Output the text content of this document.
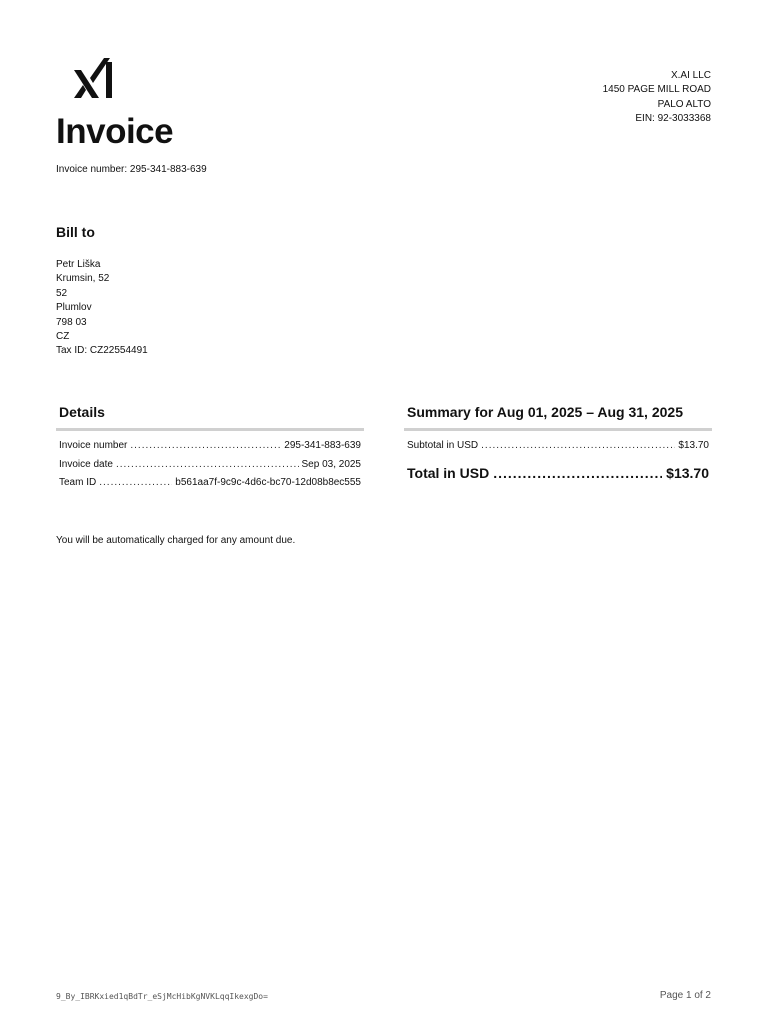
X.AI LLC
1450 PAGE MILL ROAD
PALO ALTO
EIN: 92-3033368
Invoice
Invoice number: 295-341-883-639
Bill to
Petr Liška
Krumsin, 52
52
Plumlov
798 03
CZ
Tax ID: CZ22554491
Details
Invoice number .....	295-341-883-639
Invoice date .....	Sep 03, 2025
Team ID .....	b561aa7f-9c9c-4d6c-bc70-12d08b8ec555
Summary for Aug 01, 2025 – Aug 31, 2025
Subtotal in USD .....	$13.70
Total in USD .....	$13.70
You will be automatically charged for any amount due.
9_By_IBRKxied1qBdTr_eSjMcHibKgNVKLqqIkexgDo=	Page 1 of 2
